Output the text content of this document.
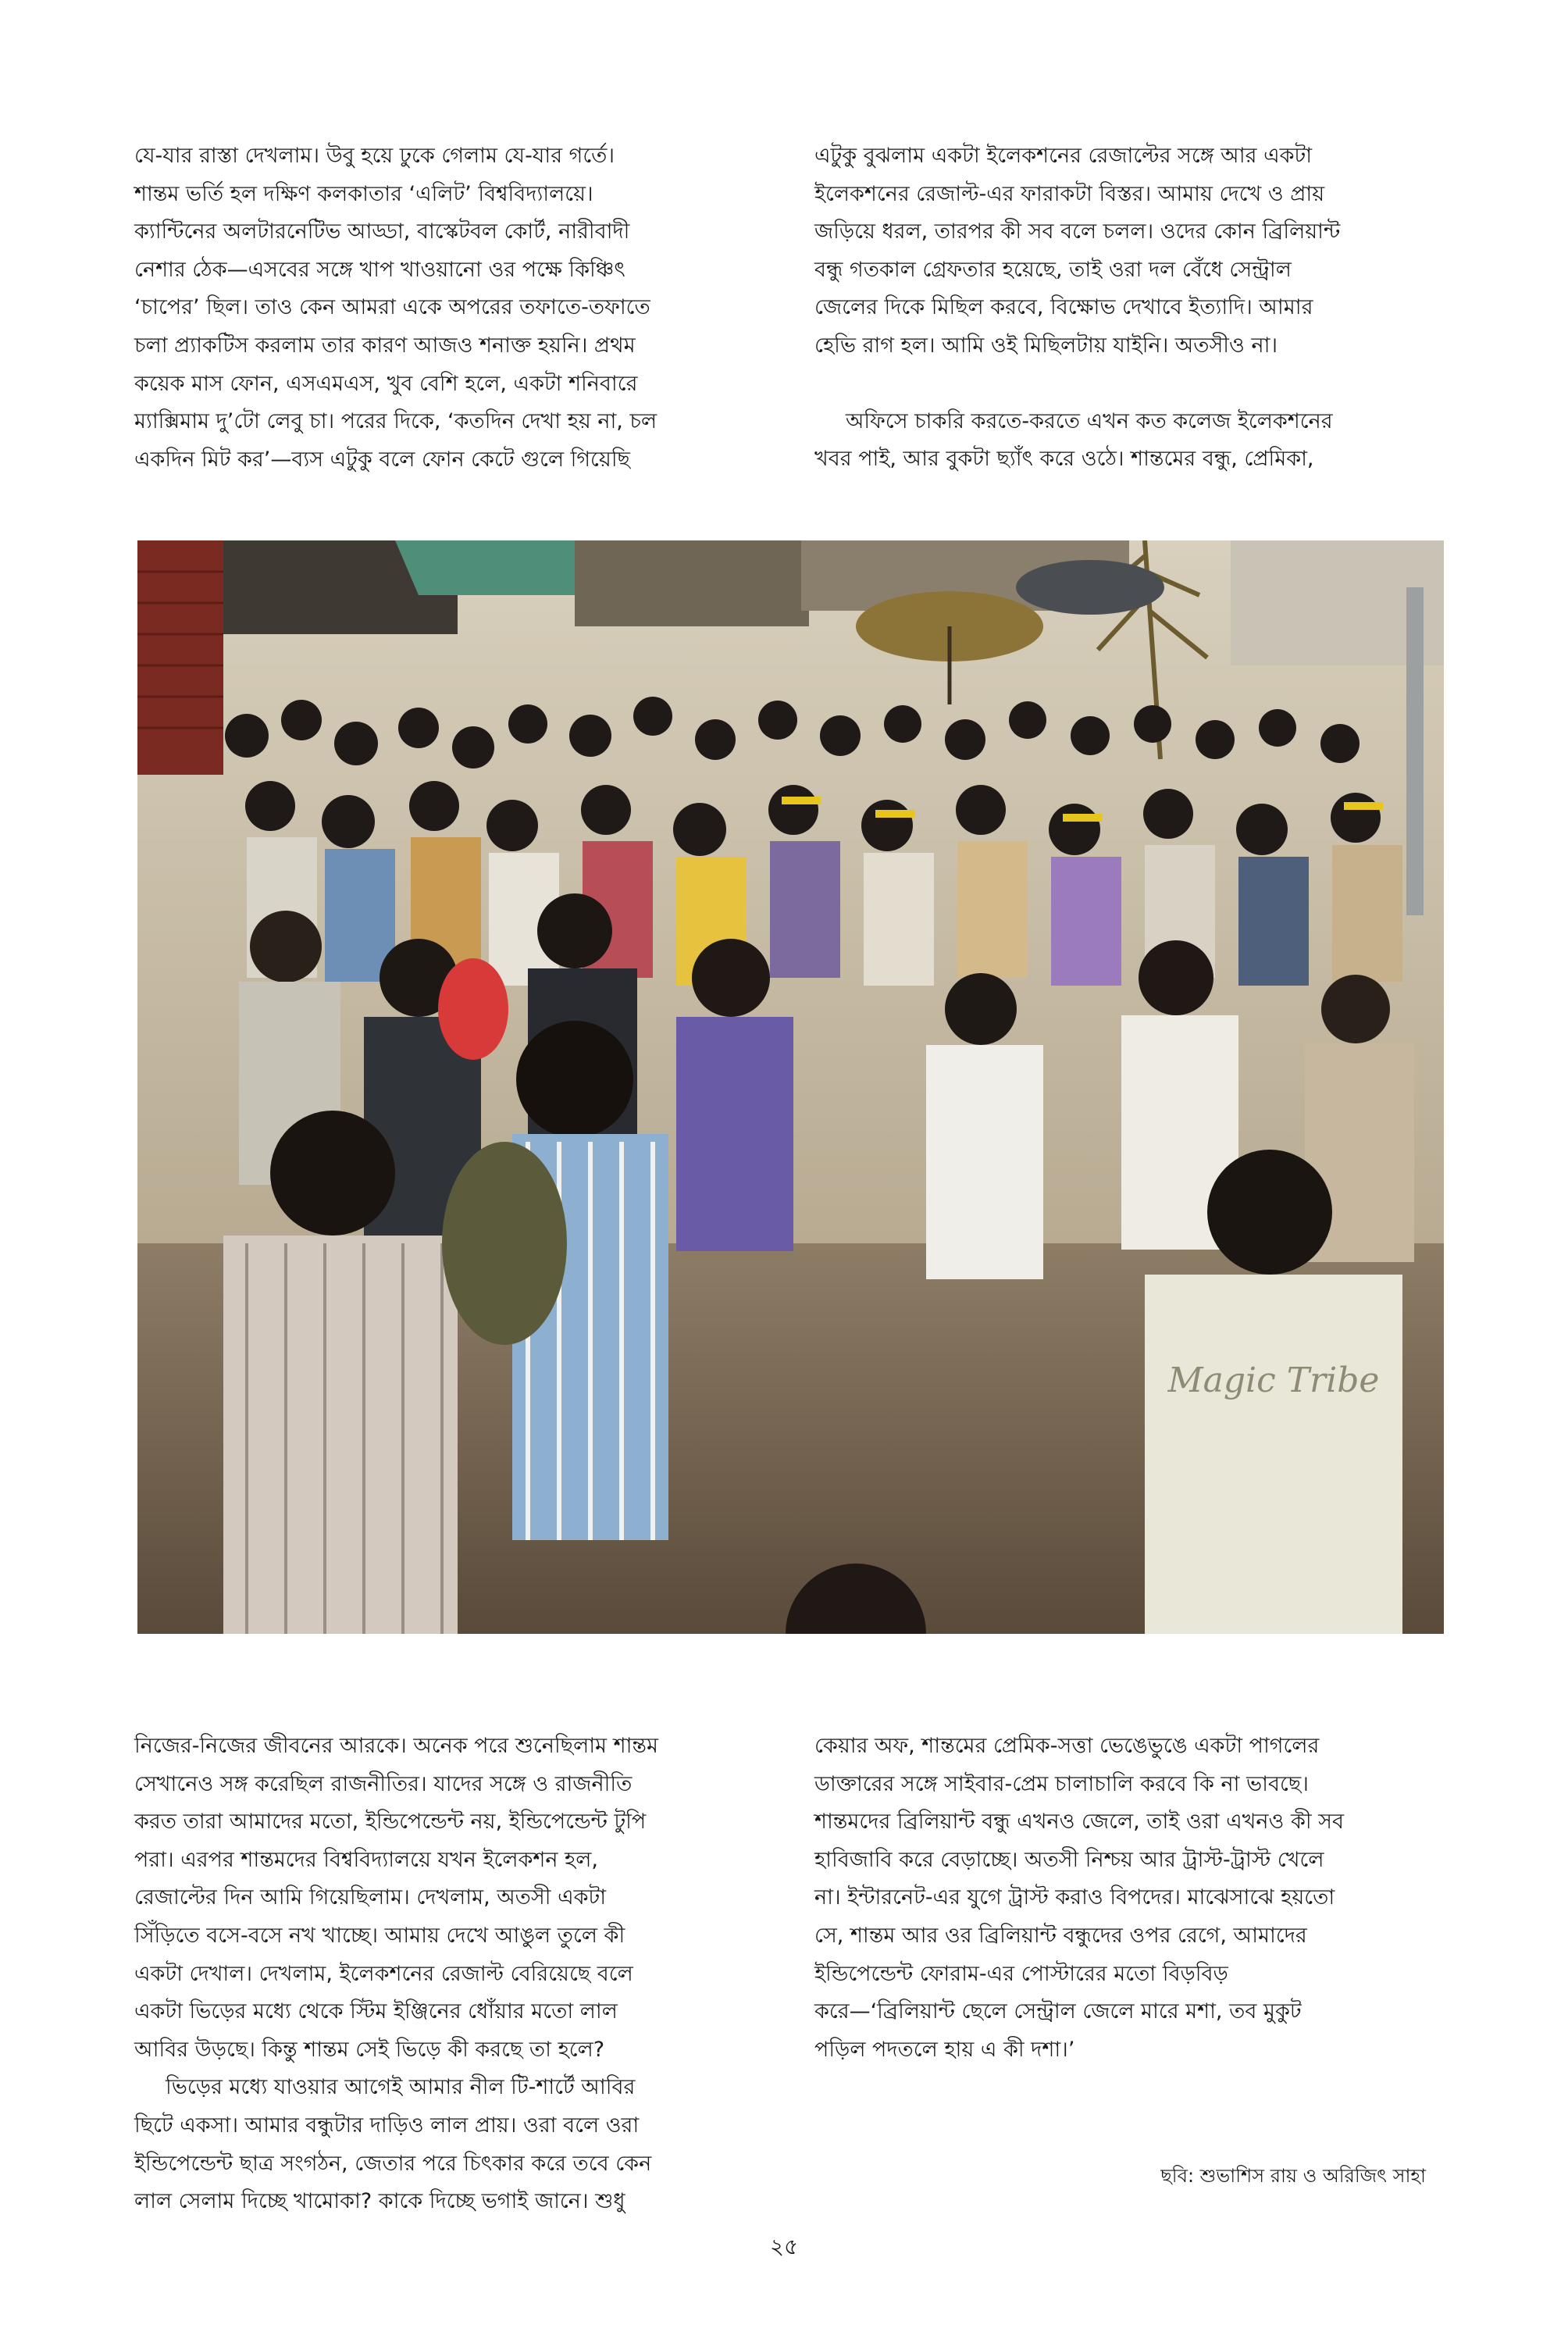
যে-যার রাস্তা দেখলাম। উবু হয়ে ঢুকে গেলাম যে-যার গর্তে।
শান্তম ভর্তি হল দক্ষিণ কলকাতার ‘এলিট’ বিশ্ববিদ্যালয়ে।
ক্যান্টিনের অলটারনেটিভ আড্ডা, বাস্কেটবল কোর্ট, নারীবাদী
নেশার ঠেক—এসবের সঙ্গে খাপ খাওয়ানো ওর পক্ষে কিঞ্চিৎ
‘চাপের’ ছিল। তাও কেন আমরা একে অপরের তফাতে-তফাতে
চলা প্র্যাকটিস করলাম তার কারণ আজও শনাক্ত হয়নি। প্রথম
কয়েক মাস ফোন, এসএমএস, খুব বেশি হলে, একটা শনিবারে
ম্যাক্সিমাম দু’টো লেবু চা। পরের দিকে, ‘কতদিন দেখা হয় না, চল
একদিন মিট কর’—ব্যস এটুকু বলে ফোন কেটে গুলে গিয়েছি
এটুকু বুঝলাম একটা ইলেকশনের রেজাল্টের সঙ্গে আর একটা
ইলেকশনের রেজাল্ট-এর ফারাকটা বিস্তর। আমায় দেখে ও প্রায়
জড়িয়ে ধরল, তারপর কী সব বলে চলল। ওদের কোন ব্রিলিয়ান্ট
বন্ধু গতকাল গ্রেফতার হয়েছে, তাই ওরা দল বেঁধে সেন্ট্রাল
জেলের দিকে মিছিল করবে, বিক্ষোভ দেখাবে ইত্যাদি। আমার
হেভি রাগ হল। আমি ওই মিছিলটায় যাইনি। অতসীও না।
অফিসে চাকরি করতে-করতে এখন কত কলেজ ইলেকশনের
খবর পাই, আর বুকটা ছ্যাঁৎ করে ওঠে। শান্তমের বন্ধু, প্রেমিকা,
Magic Tribe
নিজের-নিজের জীবনের আরকে। অনেক পরে শুনেছিলাম শান্তম
সেখানেও সঙ্গ করেছিল রাজনীতির। যাদের সঙ্গে ও রাজনীতি
করত তারা আমাদের মতো, ইন্ডিপেন্ডেন্ট নয়, ইন্ডিপেন্ডেন্ট টুপি
পরা। এরপর শান্তমদের বিশ্ববিদ্যালয়ে যখন ইলেকশন হল,
রেজাল্টের দিন আমি গিয়েছিলাম। দেখলাম, অতসী একটা
সিঁড়িতে বসে-বসে নখ খাচ্ছে। আমায় দেখে আঙুল তুলে কী
একটা দেখাল। দেখলাম, ইলেকশনের রেজাল্ট বেরিয়েছে বলে
একটা ভিড়ের মধ্যে থেকে স্টিম ইঞ্জিনের ধোঁয়ার মতো লাল
আবির উড়ছে। কিন্তু শান্তম সেই ভিড়ে কী করছে তা হলে?
ভিড়ের মধ্যে যাওয়ার আগেই আমার নীল টি-শার্টে আবির
ছিটে একসা। আমার বন্ধুটার দাড়িও লাল প্রায়। ওরা বলে ওরা
ইন্ডিপেন্ডেন্ট ছাত্র সংগঠন, জেতার পরে চিৎকার করে তবে কেন
লাল সেলাম দিচ্ছে খামোকা? কাকে দিচ্ছে ভগাই জানে। শুধু
কেয়ার অফ, শান্তমের প্রেমিক-সত্তা ভেঙেভুঙে একটা পাগলের
ডাক্তারের সঙ্গে সাইবার-প্রেম চালাচালি করবে কি না ভাবছে।
শান্তমদের ব্রিলিয়ান্ট বন্ধু এখনও জেলে, তাই ওরা এখনও কী সব
হাবিজাবি করে বেড়াচ্ছে। অতসী নিশ্চয় আর ট্রাস্ট-ট্রাস্ট খেলে
না। ইন্টারনেট-এর যুগে ট্রাস্ট করাও বিপদের। মাঝেসাঝে হয়তো
সে, শান্তম আর ওর ব্রিলিয়ান্ট বন্ধুদের ওপর রেগে, আমাদের
ইন্ডিপেন্ডেন্ট ফোরাম-এর পোস্টারের মতো বিড়বিড়
করে—‘ব্রিলিয়ান্ট ছেলে সেন্ট্রাল জেলে মারে মশা, তব মুকুট
পড়িল পদতলে হায় এ কী দশা।’
ছবি: শুভাশিস রায় ও অরিজিৎ সাহা
২৫
